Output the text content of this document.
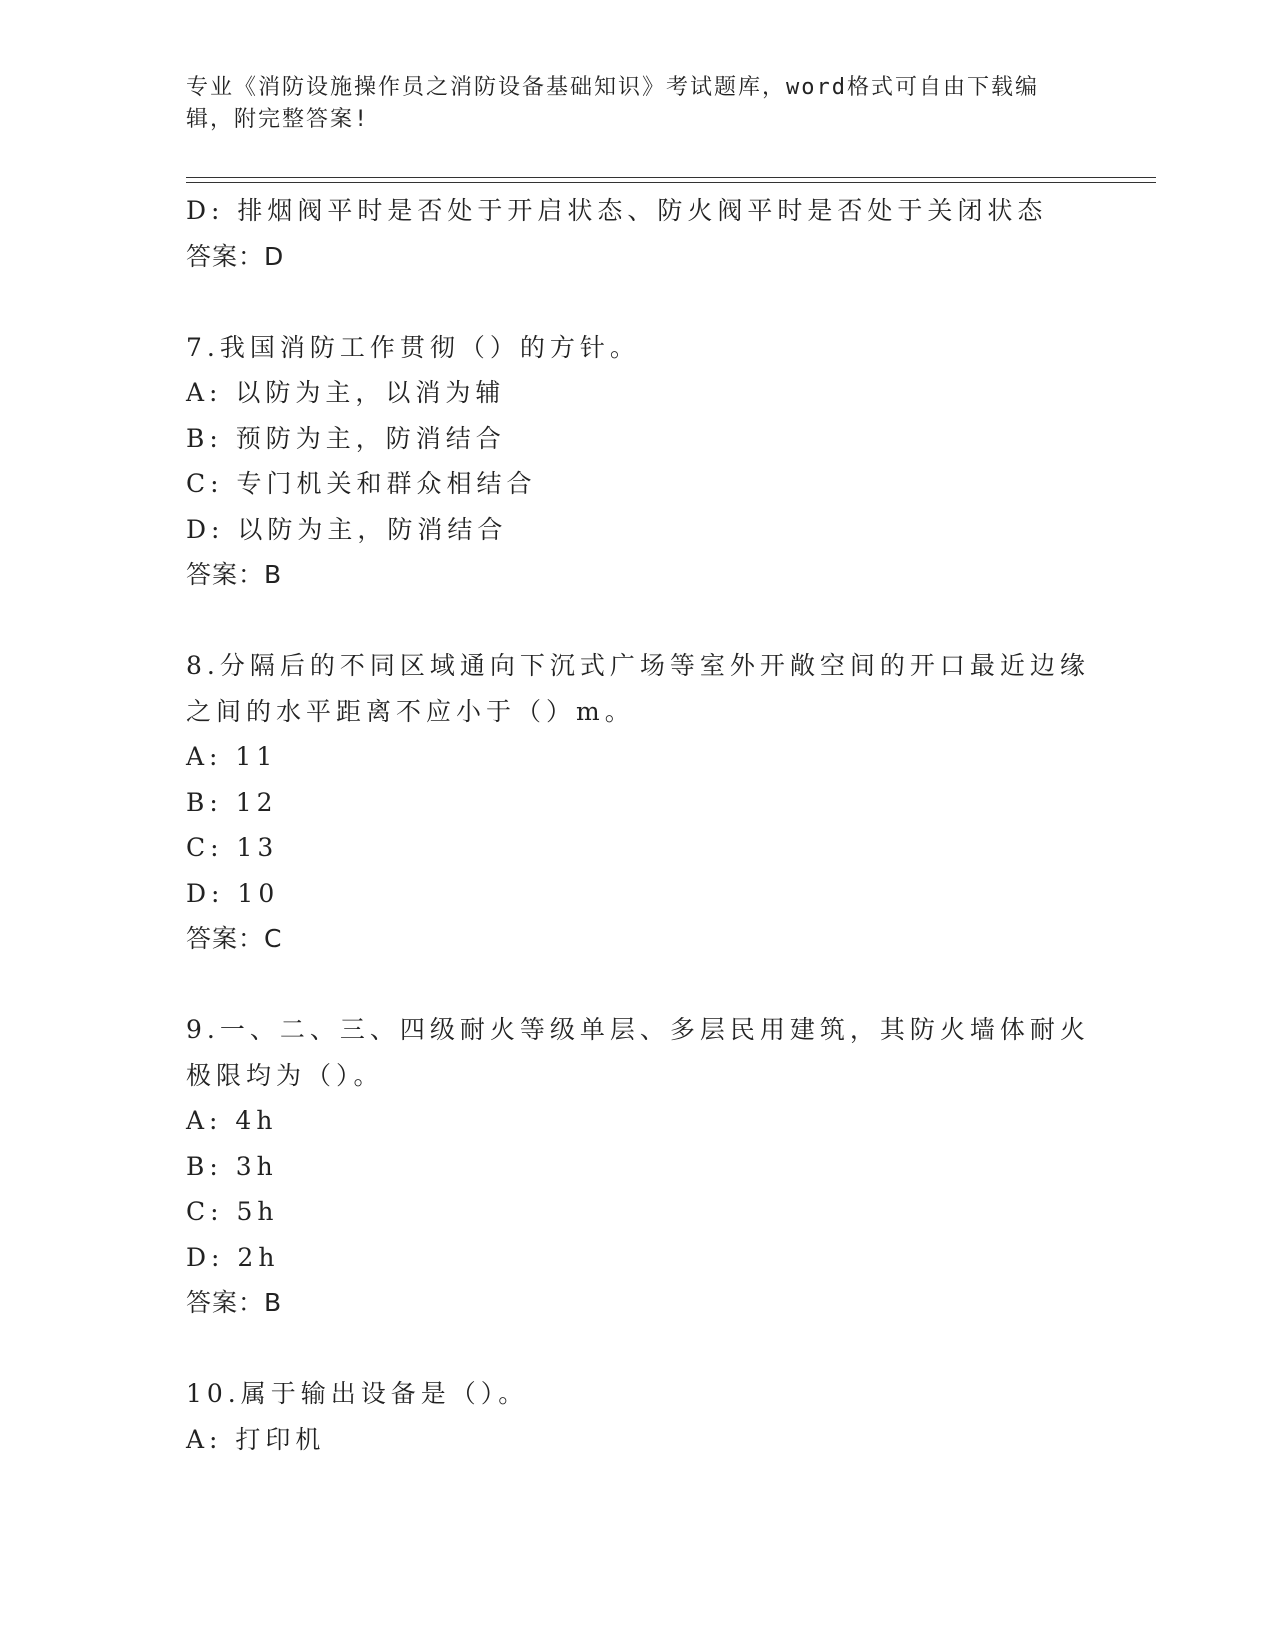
专业《消防设施操作员之消防设备基础知识》考试题库，word格式可自由下载编
辑，附完整答案!
D: 排烟阀平时是否处于开启状态、防火阀平时是否处于关闭状态
答案：D
7.我国消防工作贯彻（）的方针。
A: 以防为主，以消为辅
B: 预防为主，防消结合
C: 专门机关和群众相结合
D: 以防为主，防消结合
答案：B
8.分隔后的不同区域通向下沉式广场等室外开敞空间的开口最近边缘
之间的水平距离不应小于（）m。
A: 11
B: 12
C: 13
D: 10
答案：C
9.一、二、三、四级耐火等级单层、多层民用建筑，其防火墙体耐火
极限均为（）。
A: 4h
B: 3h
C: 5h
D: 2h
答案：B
10.属于输出设备是（）。
A: 打印机
